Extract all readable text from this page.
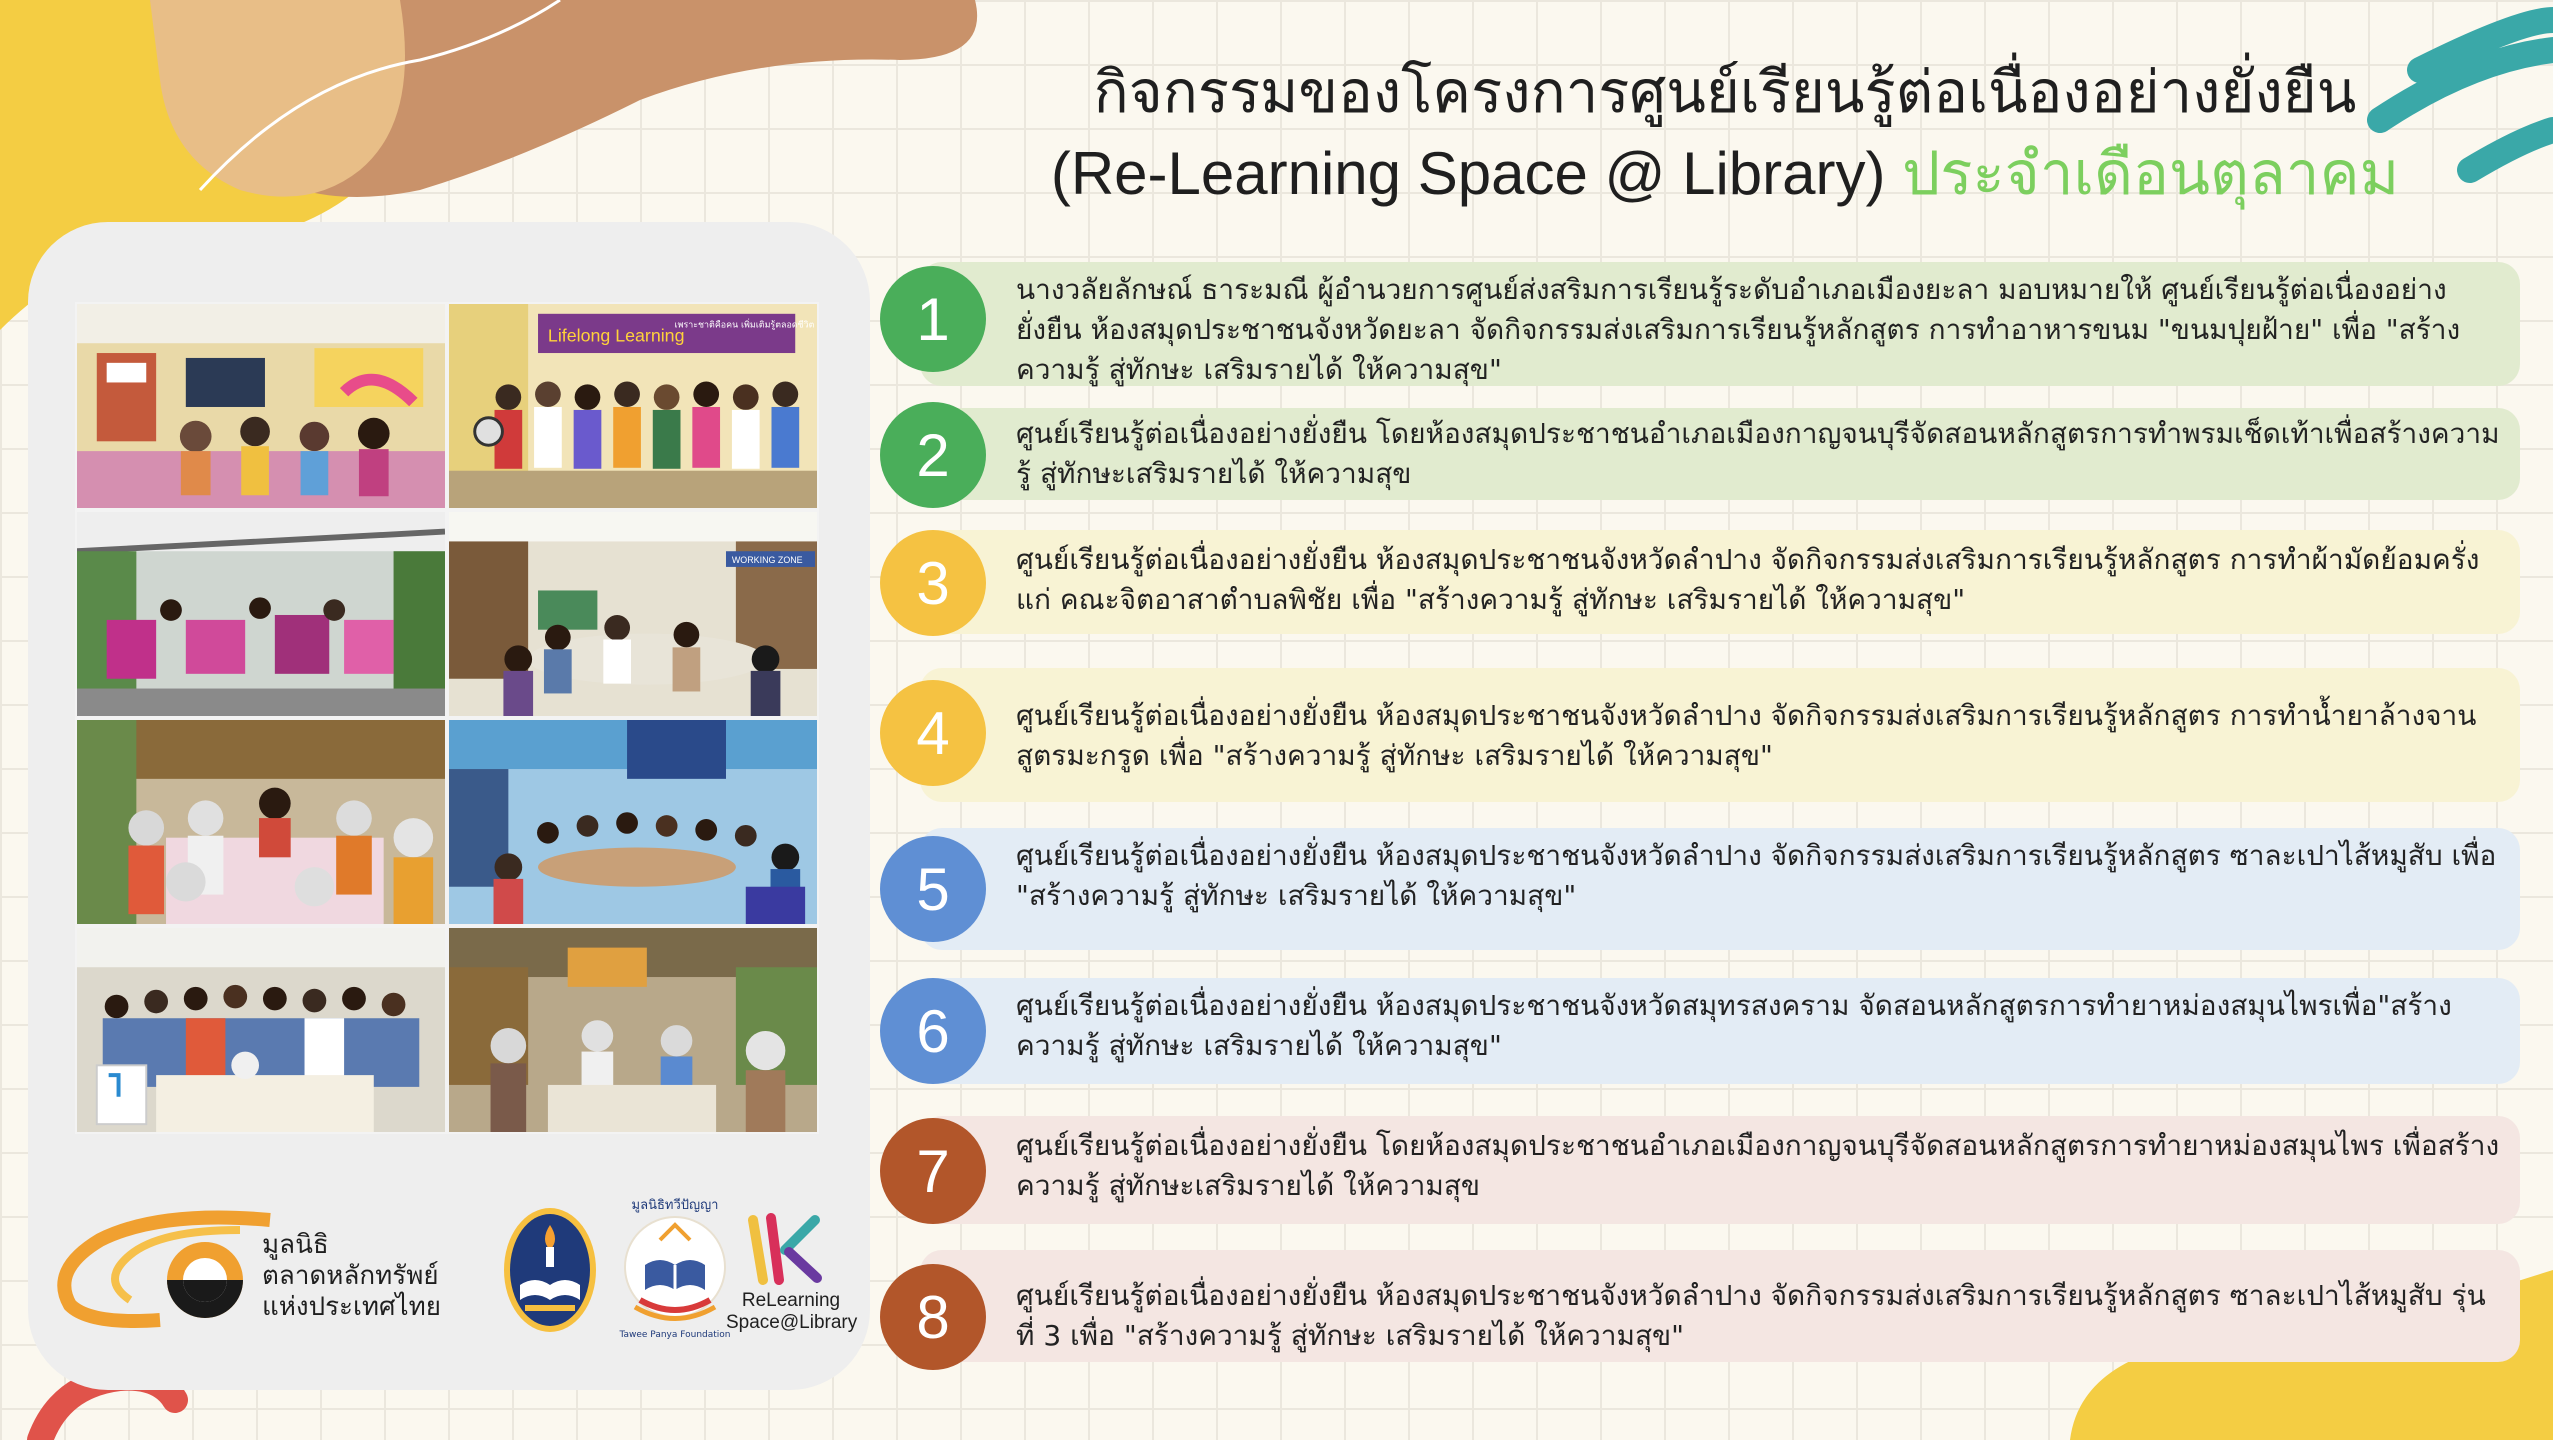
กิจกรรมของโครงการศูนย์เรียนรู้ต่อเนื่องอย่างยั่งยืน
(Re-Learning Space @ Library) ประจำเดือนตุลาคม
Lifelong Learning
เพราะชาติคือคน เพิ่มเติมรู้ตลอดชีวิต
WORKING ZONE
มูลนิธิ
ตลาดหลักทรัพย์
แห่งประเทศไทย
มูลนิธิทวีปัญญา
Tawee Panya Foundation
ReLearning
Space@Library
1	นางวลัยลักษณ์ ธาระมณี ผู้อำนวยการศูนย์ส่งสริมการเรียนรู้ระดับอำเภอเมืองยะลา มอบหมายให้ ศูนย์เรียนรู้ต่อเนื่องอย่างยั่งยืน ห้องสมุดประชาชนจังหวัดยะลา จัดกิจกรรมส่งเสริมการเรียนรู้หลักสูตร การทำอาหารขนม "ขนมปุยฝ้าย" เพื่อ "สร้างความรู้ สู่ทักษะ เสริมรายได้ ให้ความสุข"
2	ศูนย์เรียนรู้ต่อเนื่องอย่างยั่งยืน โดยห้องสมุดประชาชนอำเภอเมืองกาญจนบุรีจัดสอนหลักสูตรการทำพรมเช็ดเท้าเพื่อสร้างความรู้ สู่ทักษะเสริมรายได้ ให้ความสุข
3	ศูนย์เรียนรู้ต่อเนื่องอย่างยั่งยืน ห้องสมุดประชาชนจังหวัดลำปาง จัดกิจกรรมส่งเสริมการเรียนรู้หลักสูตร การทำผ้ามัดย้อมครั่ง แก่ คณะจิตอาสาตำบลพิชัย เพื่อ "สร้างความรู้ สู่ทักษะ เสริมรายได้ ให้ความสุข"
4	ศูนย์เรียนรู้ต่อเนื่องอย่างยั่งยืน ห้องสมุดประชาชนจังหวัดลำปาง จัดกิจกรรมส่งเสริมการเรียนรู้หลักสูตร การทำน้ำยาล้างจานสูตรมะกรูด เพื่อ "สร้างความรู้ สู่ทักษะ เสริมรายได้ ให้ความสุข"
5	ศูนย์เรียนรู้ต่อเนื่องอย่างยั่งยืน ห้องสมุดประชาชนจังหวัดลำปาง จัดกิจกรรมส่งเสริมการเรียนรู้หลักสูตร ซาละเปาไส้หมูสับ เพื่อ "สร้างความรู้ สู่ทักษะ เสริมรายได้ ให้ความสุข"
6	ศูนย์เรียนรู้ต่อเนื่องอย่างยั่งยืน ห้องสมุดประชาชนจังหวัดสมุทรสงคราม จัดสอนหลักสูตรการทำยาหม่องสมุนไพรเพื่อ"สร้างความรู้ สู่ทักษะ เสริมรายได้ ให้ความสุข"
7	ศูนย์เรียนรู้ต่อเนื่องอย่างยั่งยืน โดยห้องสมุดประชาชนอำเภอเมืองกาญจนบุรีจัดสอนหลักสูตรการทำยาหม่องสมุนไพร เพื่อสร้างความรู้ สู่ทักษะเสริมรายได้ ให้ความสุข
8	ศูนย์เรียนรู้ต่อเนื่องอย่างยั่งยืน ห้องสมุดประชาชนจังหวัดลำปาง จัดกิจกรรมส่งเสริมการเรียนรู้หลักสูตร ซาละเปาไส้หมูสับ รุ่นที่ 3 เพื่อ "สร้างความรู้ สู่ทักษะ เสริมรายได้ ให้ความสุข"
